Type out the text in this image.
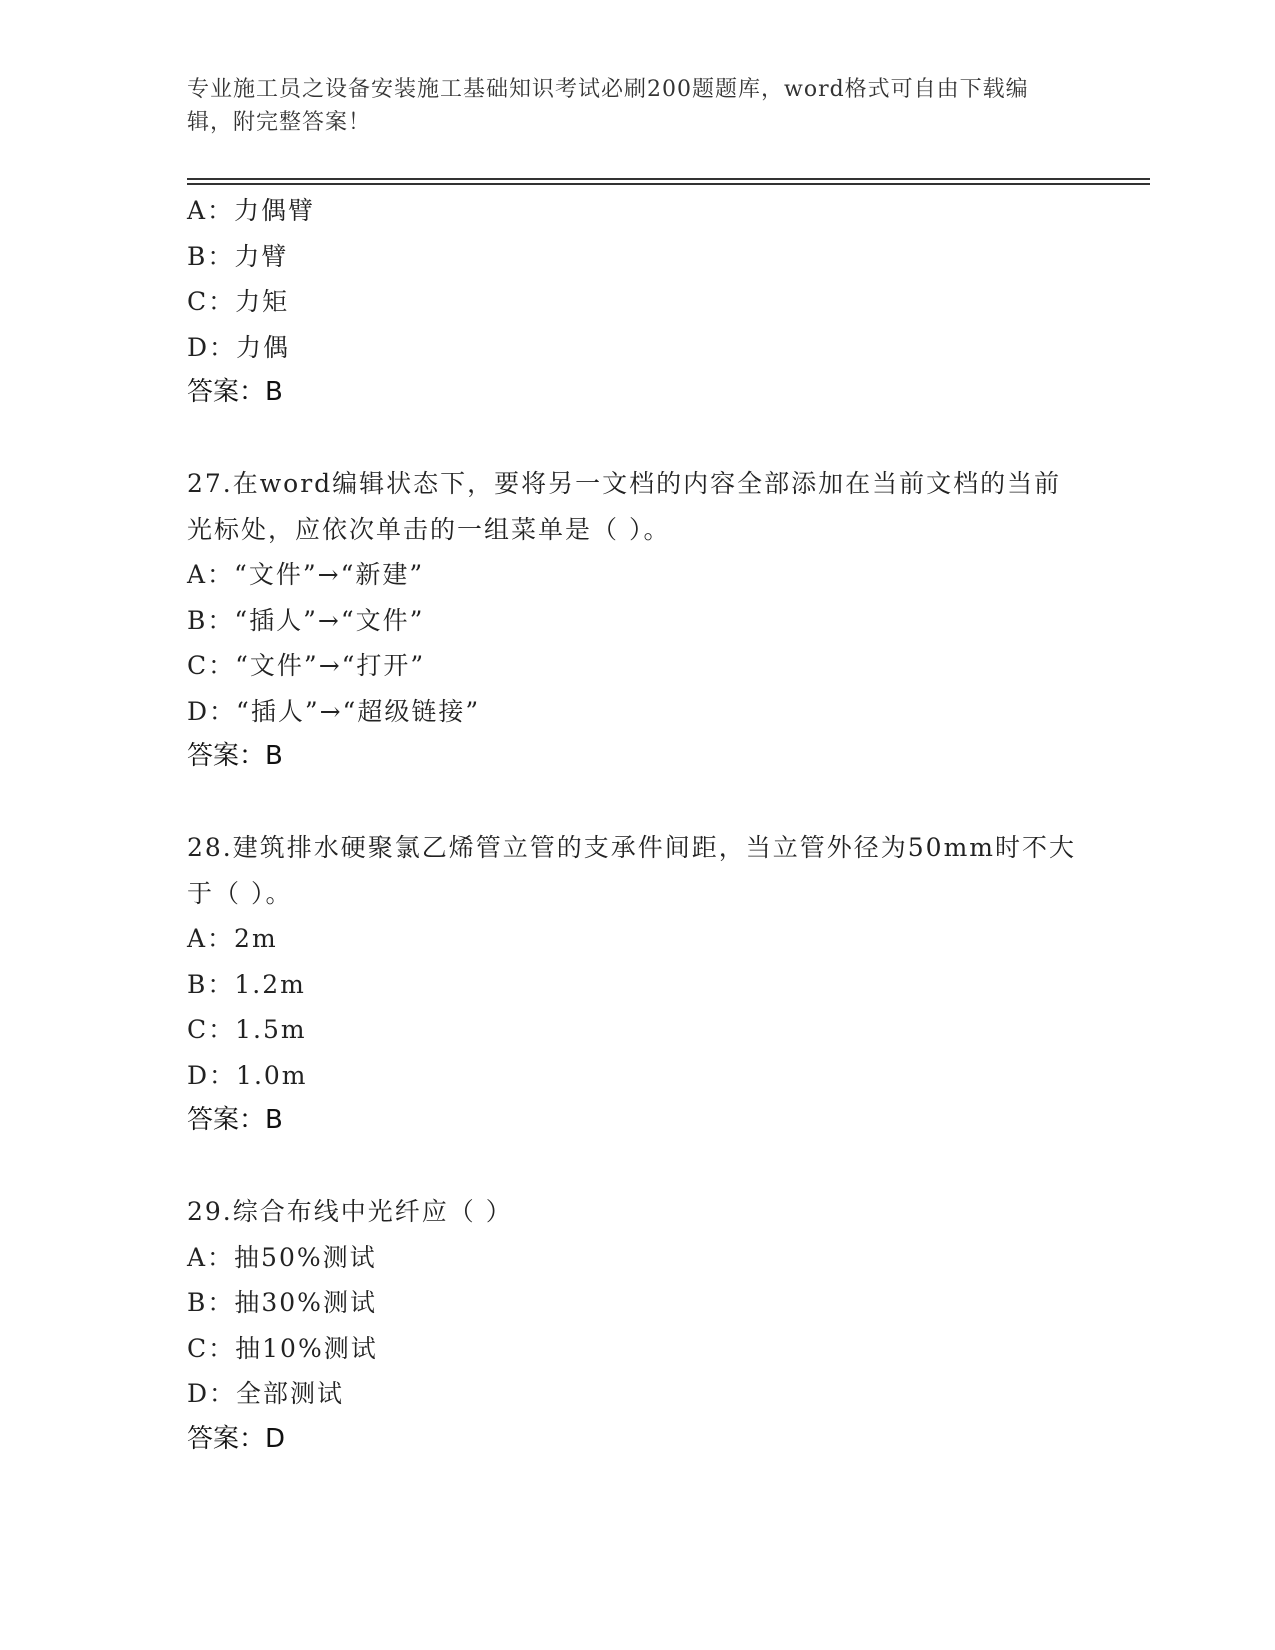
专业施工员之设备安装施工基础知识考试必刷200题题库，word格式可自由下载编辑，附完整答案！
A：力偶臂
B：力臂
C：力矩
D：力偶
答案：B
27.在word编辑状态下，要将另一文档的内容全部添加在当前文档的当前光标处，应依次单击的一组菜单是（ ）。
A：“文件”→“新建”
B：“插人”→“文件”
C：“文件”→“打开”
D：“插人”→“超级链接”
答案：B
28.建筑排水硬聚氯乙烯管立管的支承件间距，当立管外径为50mm时不大于（ ）。
A：2m
B：1.2m
C：1.5m
D：1.0m
答案：B
29.综合布线中光纤应（ ）
A：抽50%测试
B：抽30%测试
C：抽10%测试
D：全部测试
答案：D
